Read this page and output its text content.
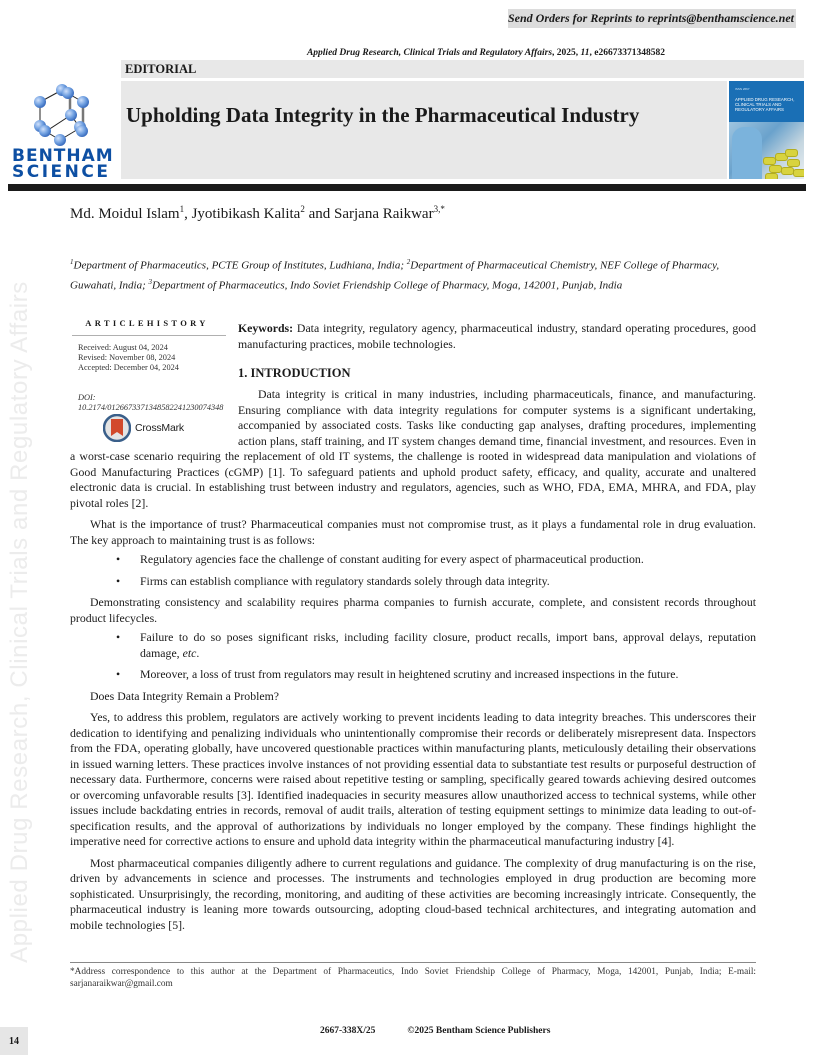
Applied Drug Research, Clinical Trials and Regulatory Affairs
Send Orders for Reprints to reprints@benthamscience.net
Applied Drug Research, Clinical Trials and Regulatory Affairs, 2025, 11, e26673371348582
EDITORIAL
BENTHAM
SCIENCE
Upholding Data Integrity in the Pharmaceutical Industry
ISSN 2667
APPLIED DRUG RESEARCH, CLINICAL TRIALS AND REGULATORY AFFAIRS
Md. Moidul Islam$^1$, Jyotibikash Kalita$^2$ and Sarjana Raikwar$^{3,*}$
$^1$Department of Pharmaceutics, PCTE Group of Institutes, Ludhiana, India; $^2$Department of Pharmaceutical Chemistry, NEF College of Pharmacy, Guwahati, India; $^3$Department of Pharmaceutics, Indo Soviet Friendship College of Pharmacy, Moga, 142001, Punjab, India
ARTICLEHISTORY
Received: August 04, 2024
Revised: November 08, 2024
Accepted: December 04, 2024
DOI:
10.2174/0126673371348582241230074348
CrossMark
Keywords: Data integrity, regulatory agency, pharmaceutical industry, standard operating procedures, good manufacturing practices, mobile technologies.
1. INTRODUCTION

Data integrity is critical in many industries, including pharmaceuticals, finance, and manufacturing. Ensuring compliance with data integrity regulations for computer systems is a significant undertaking, accompanied by associated costs. Tasks like conducting gap analyses, drafting procedures, implementing action plans, staff training, and IT system changes demand time, financial investment, and resources. Even in a worst-case scenario requiring the replacement of old IT systems, the challenge is rooted in widespread data manipulation and violations of Good Manufacturing Practices (cGMP) [1]. To safeguard patients and uphold product safety, efficacy, and quality, accurate and unaltered electronic data is crucial. In establishing trust between industry and regulators, agencies, such as WHO, FDA, EMA, MHRA, and FDA, play pivotal roles [2].

What is the importance of trust? Pharmaceutical companies must not compromise trust, as it plays a fundamental role in drug evaluation. The key approach to maintaining trust is as follows:

• Regulatory agencies face the challenge of constant auditing for every aspect of pharmaceutical production.
• Firms can establish compliance with regulatory standards solely through data integrity.

Demonstrating consistency and scalability requires pharma companies to furnish accurate, complete, and consistent records throughout product lifecycles.

• Failure to do so poses significant risks, including facility closure, product recalls, import bans, approval delays, reputation damage, etc.
• Moreover, a loss of trust from regulators may result in heightened scrutiny and increased inspections in the future.

Does Data Integrity Remain a Problem?

Yes, to address this problem, regulators are actively working to prevent incidents leading to data integrity breaches. This underscores their dedication to identifying and penalizing individuals who unintentionally compromise their records or deliberately misrepresent data. Inspectors from the FDA, operating globally, have uncovered questionable practices within manufacturing plants, meticulously detailing their observations in issued warning letters. These practices involve instances of not providing essential data to substantiate test results or purposeful destruction of necessary data. Furthermore, concerns were raised about repetitive testing or sampling, specifically geared towards achieving desired outcomes or overcoming unfavorable results [3]. Identified inadequacies in security measures allow unauthorized access to technical systems, while other issues include backdating entries in records, removal of audit trails, alteration of testing equipment settings to minimize data leading to out-of-specification results, and the approval of authorizations by individuals no longer employed by the company. These findings highlight the imperative need for corrective actions to ensure and uphold data integrity within the pharmaceutical manufacturing industry [4].

Most pharmaceutical companies diligently adhere to current regulations and guidance. The complexity of drug manufacturing is on the rise, driven by advancements in science and processes. The instruments and technologies employed in drug production are becoming more sophisticated. Unsurprisingly, the recording, monitoring, and auditing of these activities are becoming increasingly intricate. Consequently, the pharmaceutical industry is leaning more towards outsourcing, adopting cloud-based technical architectures, and integrating automation and mobile technologies [5].

*Address correspondence to this author at the Department of Pharmaceutics, Indo Soviet Friendship College of Pharmacy, Moga, 142001, Punjab, India; E-mail: sarjanaraikwar@gmail.com
14
2667-338X/25	©2025 Bentham Science Publishers
